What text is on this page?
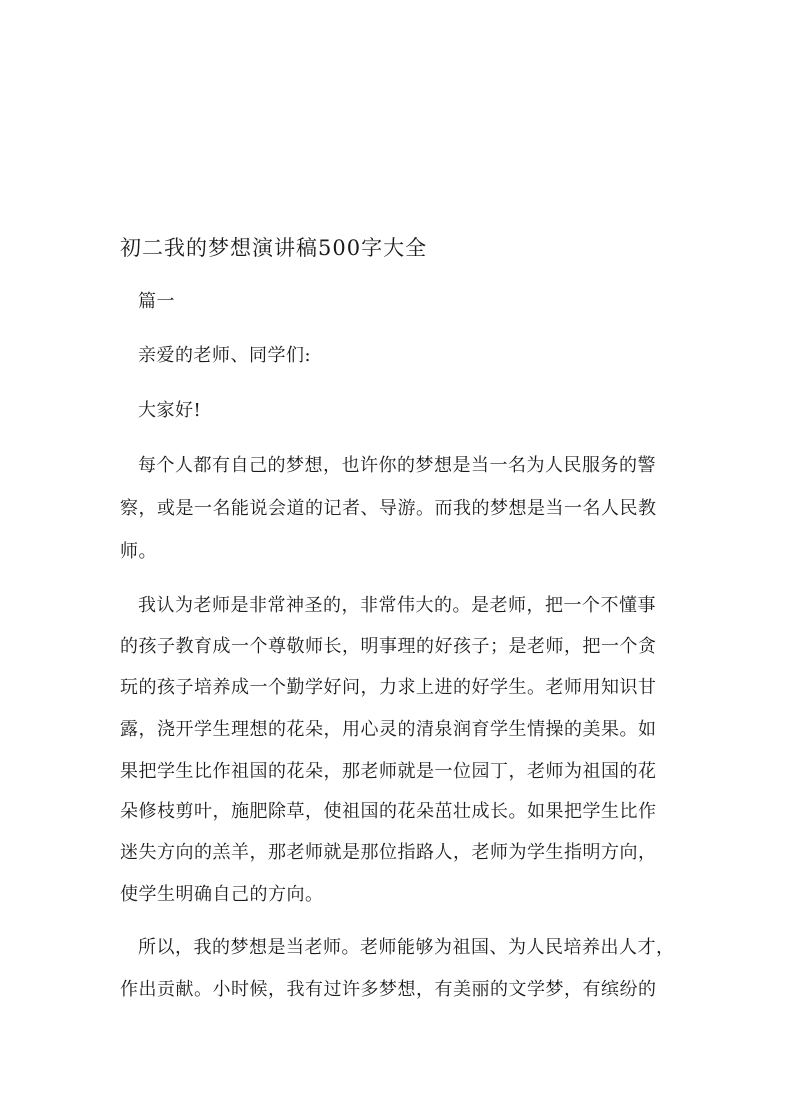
初二我的梦想演讲稿500字大全
篇一
亲爱的老师、同学们:
大家好!
每个人都有自己的梦想，也许你的梦想是当一名为人民服务的警
察，或是一名能说会道的记者、导游。而我的梦想是当一名人民教
师。
我认为老师是非常神圣的，非常伟大的。是老师，把一个不懂事
的孩子教育成一个尊敬师长，明事理的好孩子；是老师，把一个贪
玩的孩子培养成一个勤学好问，力求上进的好学生。老师用知识甘
露，浇开学生理想的花朵，用心灵的清泉润育学生情操的美果。如
果把学生比作祖国的花朵，那老师就是一位园丁，老师为祖国的花
朵修枝剪叶，施肥除草，使祖国的花朵茁壮成长。如果把学生比作
迷失方向的羔羊，那老师就是那位指路人，老师为学生指明方向，
使学生明确自己的方向。
所以，我的梦想是当老师。老师能够为祖国、为人民培养出人才，
作出贡献。小时候，我有过许多梦想，有美丽的文学梦，有缤纷的
